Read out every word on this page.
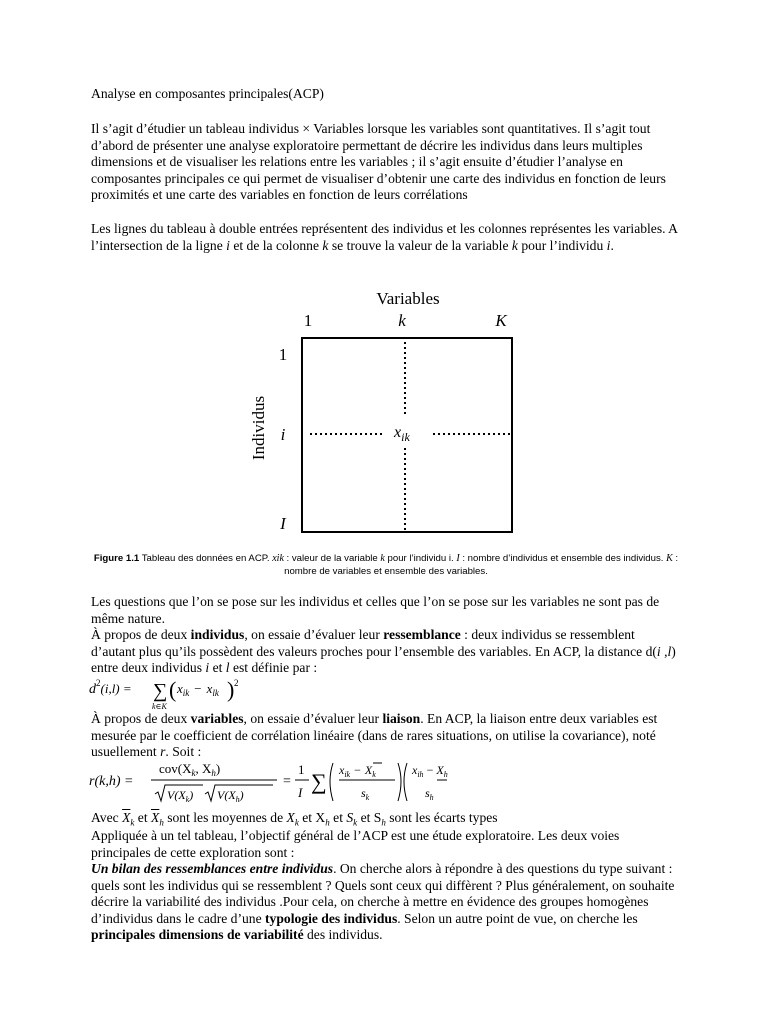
Analyse en composantes principales(ACP)

Il s’agit d’étudier un tableau individus × Variables lorsque les variables sont quantitatives. Il s’agit tout d’abord de présenter une analyse exploratoire permettant de décrire les individus dans leurs multiples dimensions et de visualiser les relations entre les variables ; il s’agit ensuite d’étudier l’analyse en composantes principales ce qui permet de visualiser d’obtenir une carte des individus en fonction de leurs proximités et une carte des variables en fonction de leurs corrélations

Les lignes du tableau à double entrées représentent des individus et les colonnes représentes les variables. A l’intersection de la ligne i et de la colonne k se trouve la valeur de la variable k pour l’individu i.

Variables
1	k	K
Individus
1
i
I
$x_{ik}$
Figure 1.1 Tableau des données en ACP. xik : valeur de la variable k pour l’individu i. I : nombre d’individus et ensemble des individus. K : nombre de variables et ensemble des variables.

Les questions que l’on se pose sur les individus et celles que l’on se pose sur les variables ne sont pas de même nature.

À propos de deux individus, on essaie d’évaluer leur ressemblance : deux individus se ressemblent d’autant plus qu’ils possèdent des valeurs proches pour l’ensemble des variables. En ACP, la distance d(i ,l) entre deux individus i et l est définie par :

$d^2(i,l)$ = ∑
k∈K
( $x_{ik} - x_{lk}$ ) 2

À propos de deux variables, on essaie d’évaluer leur liaison. En ACP, la liaison entre deux variables est mesurée par le coefficient de corrélation linéaire (dans de rares situations, on utilise la covariance), noté usuellement r. Soit :

r(k,h) =
$cov(X_k$, $X_h$)
$V(X_k)$ $V(X_h)$
=
1
I ∑ $x_{ik} - X_k$
$s_k$
$x_{ih} - X_h$
$s_h$

Avec $\overline{X}_k$ et $\overline{X}_h$ sont les moyennes de $X_k$ et $X_h$ et $S_k$ et $S_h$ sont les écarts types

Appliquée à un tel tableau, l’objectif général de l’ACP est une étude exploratoire. Les deux voies principales de cette exploration sont :

Un bilan des ressemblances entre individus. On cherche alors à répondre à des questions du type suivant : quels sont les individus qui se ressemblent ? Quels sont ceux qui diffèrent ? Plus généralement, on souhaite décrire la variabilité des individus .Pour cela, on cherche à mettre en évidence des groupes homogènes d’individus dans le cadre d’une typologie des individus. Selon un autre point de vue, on cherche les principales dimensions de variabilité des individus.
